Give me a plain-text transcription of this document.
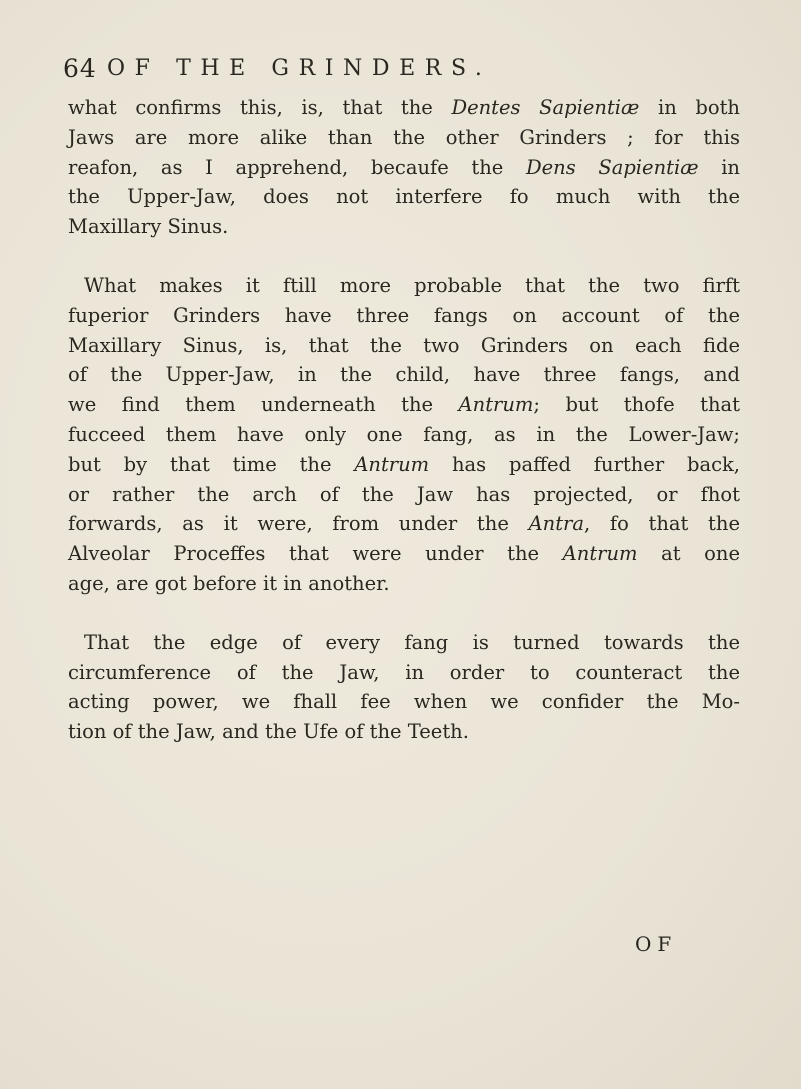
64 OF THE GRINDERS.

what confirms this, is, that the Dentes Sapientiæ in both

Jaws are more alike than the other Grinders ; for this

reafon, as I apprehend, becaufe the Dens Sapientiæ in

the Upper-Jaw, does not interfere fo much with the

Maxillary Sinus.

What makes it ftill more probable that the two firft

fuperior Grinders have three fangs on account of the

Maxillary Sinus, is, that the two Grinders on each fide

of the Upper-Jaw, in the child, have three fangs, and

we find them underneath the Antrum; but thofe that

fucceed them have only one fang, as in the Lower-Jaw;

but by that time the Antrum has paffed further back,

or rather the arch of the Jaw has projected, or fhot

forwards, as it were, from under the Antra, fo that the

Alveolar Proceffes that were under the Antrum at one

age, are got before it in another.

That the edge of every fang is turned towards the

circumference of the Jaw, in order to counteract the

acting power, we fhall fee when we confider the Mo-

tion of the Jaw, and the Ufe of the Teeth.

OF
